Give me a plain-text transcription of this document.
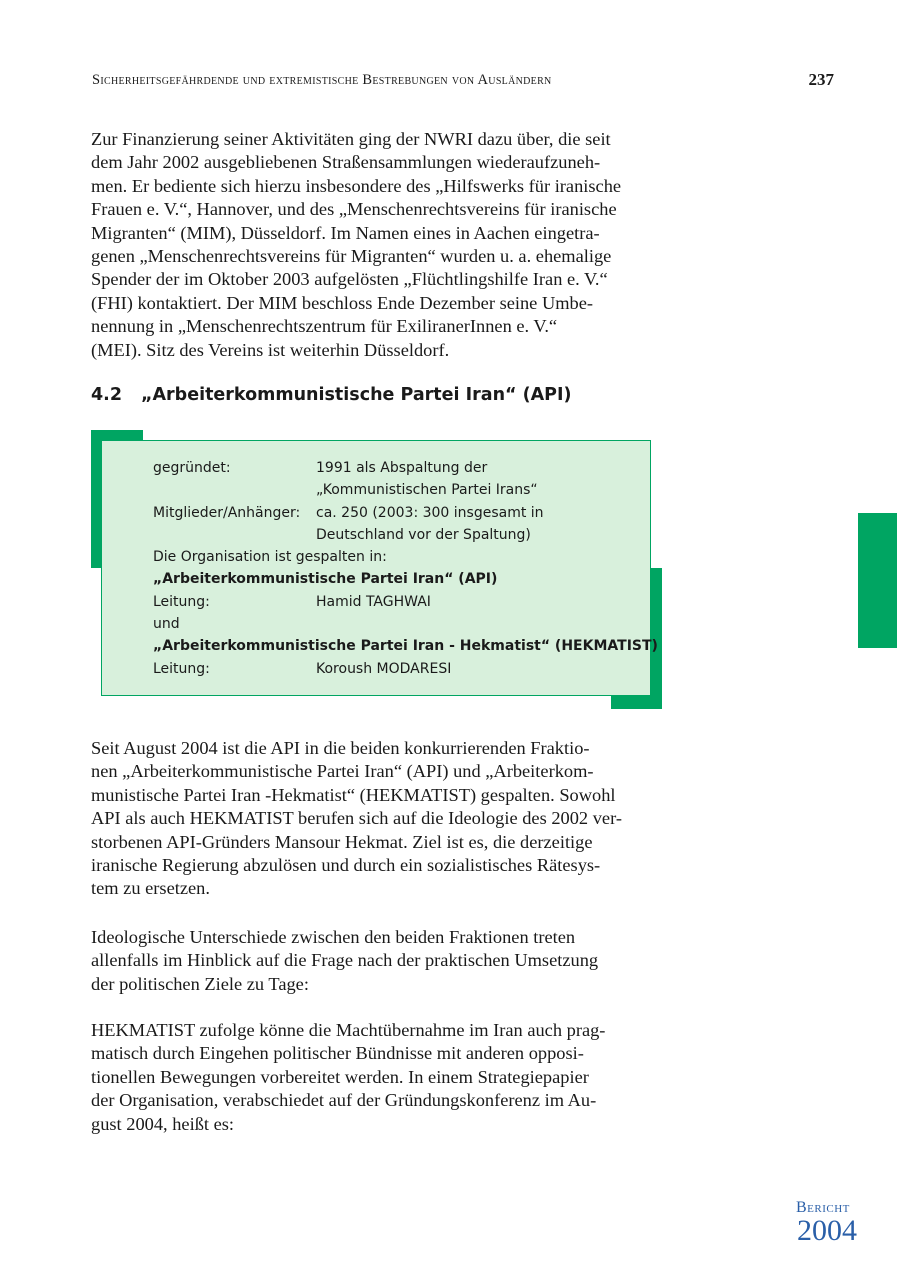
Sicherheitsgefährdende und extremistische Bestrebungen von Ausländern	237

Zur Finanzierung seiner Aktivitäten ging der NWRI dazu über, die seit
dem Jahr 2002 ausgebliebenen Straßensammlungen wiederaufzuneh-
men. Er bediente sich hierzu insbesondere des „Hilfswerks für iranische
Frauen e. V.“, Hannover, und des „Menschenrechtsvereins für iranische
Migranten“ (MIM), Düsseldorf. Im Namen eines in Aachen eingetra-
genen „Menschenrechtsvereins für Migranten“ wurden u. a. ehemalige
Spender der im Oktober 2003 aufgelösten „Flüchtlingshilfe Iran e. V.“
(FHI) kontaktiert. Der MIM beschloss Ende Dezember seine Umbe-
nennung in „Menschenrechtszentrum für ExiliranerInnen e. V.“
(MEI). Sitz des Vereins ist weiterhin Düsseldorf.

4.2 „Arbeiterkommunistische Partei Iran“ (API)
gegründet:	1991 als Abspaltung der
„Kommunistischen Partei Irans“
Mitglieder/Anhänger: ca. 250 (2003: 300 insgesamt in
Deutschland vor der Spaltung)
Die Organisation ist gespalten in:
„Arbeiterkommunistische Partei Iran“ (API)
Leitung:	Hamid TAGHWAI
und
„Arbeiterkommunistische Partei Iran - Hekmatist“ (HEKMATIST)
Leitung:	Koroush MODARESI

Seit August 2004 ist die API in die beiden konkurrierenden Fraktio-
nen „Arbeiterkommunistische Partei Iran“ (API) und „Arbeiterkom-
munistische Partei Iran -Hekmatist“ (HEKMATIST) gespalten. Sowohl
API als auch HEKMATIST berufen sich auf die Ideologie des 2002 ver-
storbenen API-Gründers Mansour Hekmat. Ziel ist es, die derzeitige
iranische Regierung abzulösen und durch ein sozialistisches Rätesys-
tem zu ersetzen.

Ideologische Unterschiede zwischen den beiden Fraktionen treten
allenfalls im Hinblick auf die Frage nach der praktischen Umsetzung
der politischen Ziele zu Tage:

HEKMATIST zufolge könne die Machtübernahme im Iran auch prag-
matisch durch Eingehen politischer Bündnisse mit anderen opposi-
tionellen Bewegungen vorbereitet werden. In einem Strategiepapier
der Organisation, verabschiedet auf der Gründungskonferenz im Au-
gust 2004, heißt es:

Bericht
2004
